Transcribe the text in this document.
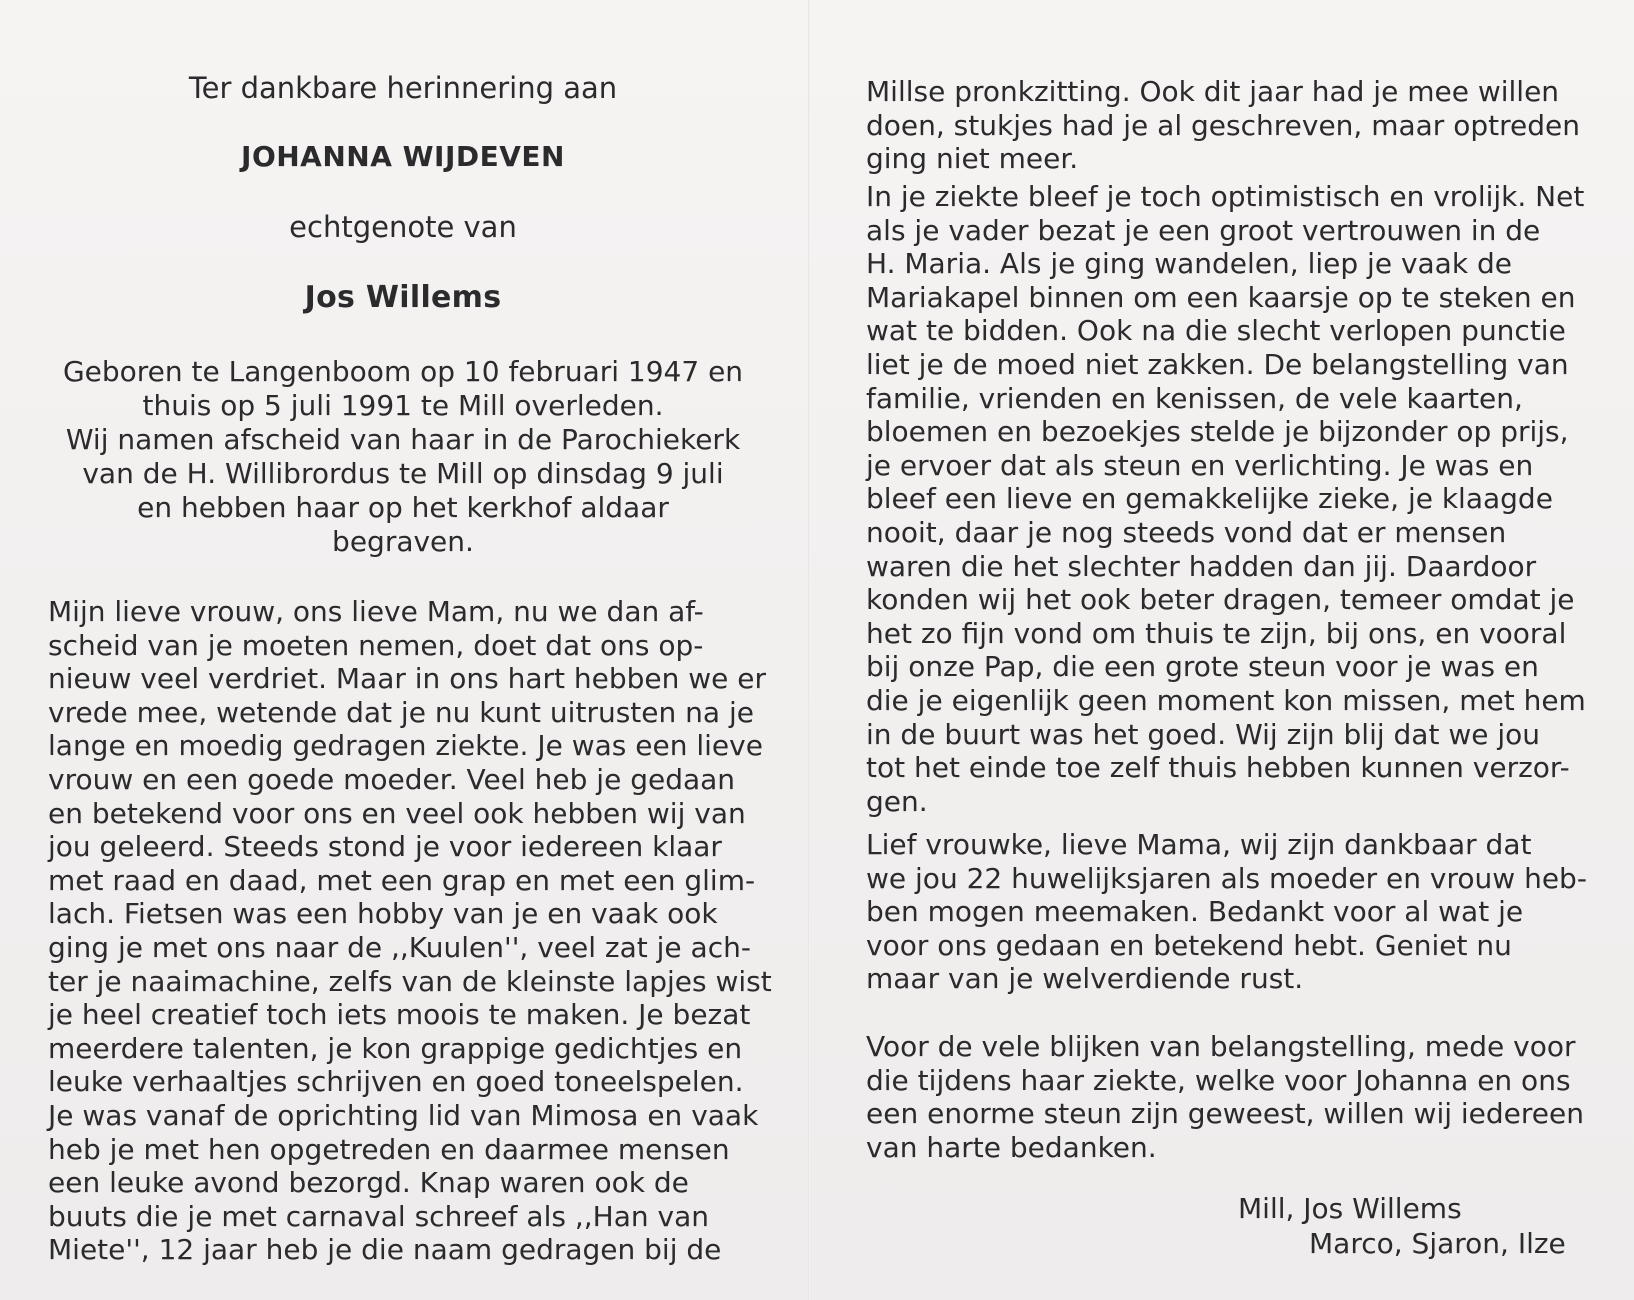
Ter dankbare herinnering aan
JOHANNA WIJDEVEN
echtgenote van
Jos Willems
Geboren te Langenboom op 10 februari 1947 en
thuis op 5 juli 1991 te Mill overleden.
Wij namen afscheid van haar in de Parochiekerk
van de H. Willibrordus te Mill op dinsdag 9 juli
en hebben haar op het kerkhof aldaar
begraven.
Mijn lieve vrouw, ons lieve Mam, nu we dan af-
scheid van je moeten nemen, doet dat ons op-
nieuw veel verdriet. Maar in ons hart hebben we er
vrede mee, wetende dat je nu kunt uitrusten na je
lange en moedig gedragen ziekte. Je was een lieve
vrouw en een goede moeder. Veel heb je gedaan
en betekend voor ons en veel ook hebben wij van
jou geleerd. Steeds stond je voor iedereen klaar
met raad en daad, met een grap en met een glim-
lach. Fietsen was een hobby van je en vaak ook
ging je met ons naar de ,,Kuulen'', veel zat je ach-
ter je naaimachine, zelfs van de kleinste lapjes wist
je heel creatief toch iets moois te maken. Je bezat
meerdere talenten, je kon grappige gedichtjes en
leuke verhaaltjes schrijven en goed toneelspelen.
Je was vanaf de oprichting lid van Mimosa en vaak
heb je met hen opgetreden en daarmee mensen
een leuke avond bezorgd. Knap waren ook de
buuts die je met carnaval schreef als ,,Han van
Miete'', 12 jaar heb je die naam gedragen bij de
Millse pronkzitting. Ook dit jaar had je mee willen
doen, stukjes had je al geschreven, maar optreden
ging niet meer.
In je ziekte bleef je toch optimistisch en vrolijk. Net
als je vader bezat je een groot vertrouwen in de
H. Maria. Als je ging wandelen, liep je vaak de
Mariakapel binnen om een kaarsje op te steken en
wat te bidden. Ook na die slecht verlopen punctie
liet je de moed niet zakken. De belangstelling van
familie, vrienden en kenissen, de vele kaarten,
bloemen en bezoekjes stelde je bijzonder op prijs,
je ervoer dat als steun en verlichting. Je was en
bleef een lieve en gemakkelijke zieke, je klaagde
nooit, daar je nog steeds vond dat er mensen
waren die het slechter hadden dan jij. Daardoor
konden wij het ook beter dragen, temeer omdat je
het zo fijn vond om thuis te zijn, bij ons, en vooral
bij onze Pap, die een grote steun voor je was en
die je eigenlijk geen moment kon missen, met hem
in de buurt was het goed. Wij zijn blij dat we jou
tot het einde toe zelf thuis hebben kunnen verzor-
gen.
Lief vrouwke, lieve Mama, wij zijn dankbaar dat
we jou 22 huwelijksjaren als moeder en vrouw heb-
ben mogen meemaken. Bedankt voor al wat je
voor ons gedaan en betekend hebt. Geniet nu
maar van je welverdiende rust.
Voor de vele blijken van belangstelling, mede voor
die tijdens haar ziekte, welke voor Johanna en ons
een enorme steun zijn geweest, willen wij iedereen
van harte bedanken.
Mill, Jos Willems
Marco, Sjaron, Ilze
